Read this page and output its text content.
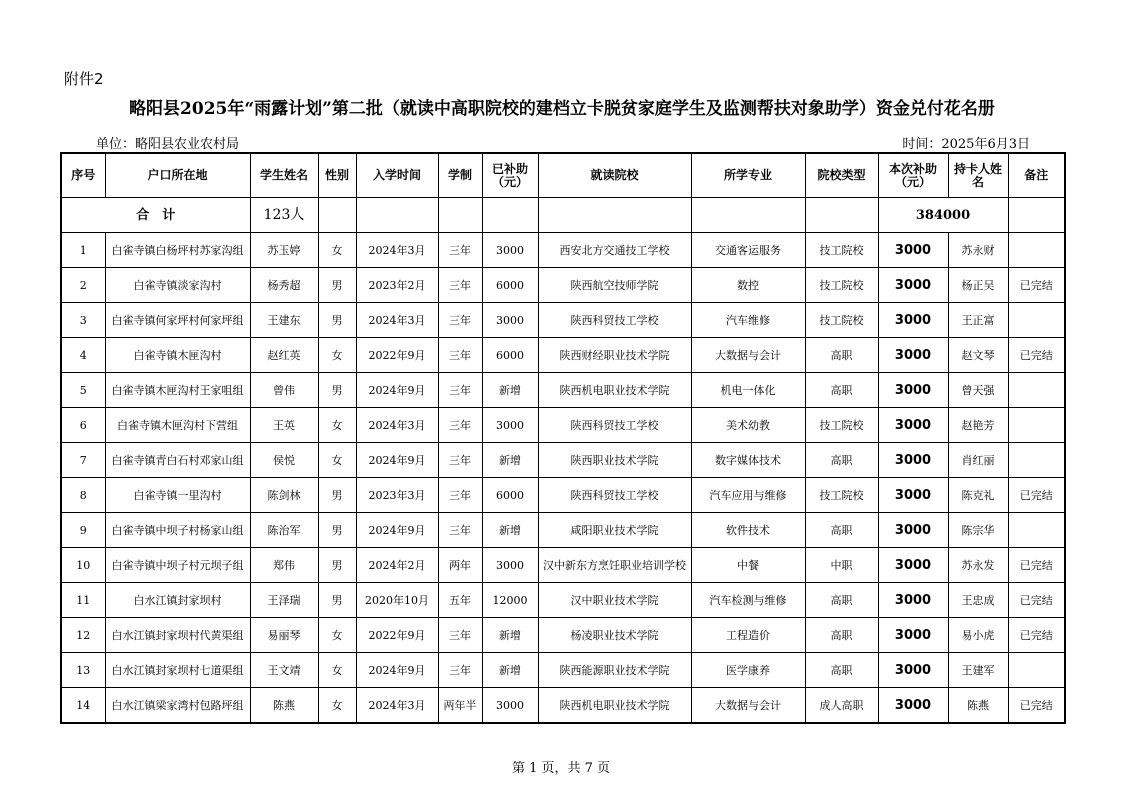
附件2
略阳县2025年“雨露计划”第二批（就读中高职院校的建档立卡脱贫家庭学生及监测帮扶对象助学）资金兑付花名册
单位：略阳县农业农村局	时间：2025年6月3日
序号	户口所在地	学生姓名	性别	入学时间	学制	已补助
（元）	就读院校	所学专业	院校类型	本次补助
（元）	持卡人姓名	备注
合　计		123人								384000		
1	白雀寺镇白杨坪村苏家沟组	苏玉婷	女	2024年3月	三年	3000	西安北方交通技工学校	交通客运服务	技工院校	3000	苏永财	
2	白雀寺镇淡家沟村	杨秀超	男	2023年2月	三年	6000	陕西航空技师学院	数控	技工院校	3000	杨正吴	已完结
3	白雀寺镇何家坪村何家坪组	王建东	男	2024年3月	三年	3000	陕西科贸技工学校	汽车维修	技工院校	3000	王正富	
4	白雀寺镇木匣沟村	赵红英	女	2022年9月	三年	6000	陕西财经职业技术学院	大数据与会计	高职	3000	赵文琴	已完结
5	白雀寺镇木匣沟村王家咀组	曾伟	男	2024年9月	三年	新增	陕西机电职业技术学院	机电一体化	高职	3000	曾天强	
6	白雀寺镇木匣沟村下营组	王英	女	2024年3月	三年	3000	陕西科贸技工学校	美术幼教	技工院校	3000	赵艳芳	
7	白雀寺镇青白石村邓家山组	侯悦	女	2024年9月	三年	新增	陕西职业技术学院	数字媒体技术	高职	3000	肖红丽	
8	白雀寺镇一里沟村	陈剑林	男	2023年3月	三年	6000	陕西科贸技工学校	汽车应用与维修	技工院校	3000	陈克礼	已完结
9	白雀寺镇中坝子村杨家山组	陈治军	男	2024年9月	三年	新增	咸阳职业技术学院	软件技术	高职	3000	陈宗华	
10	白雀寺镇中坝子村元坝子组	郑伟	男	2024年2月	两年	3000	汉中新东方烹饪职业培训学校	中餐	中职	3000	苏永发	已完结
11	白水江镇封家坝村	王泽瑞	男	2020年10月	五年	12000	汉中职业技术学院	汽车检测与维修	高职	3000	王忠成	已完结
12	白水江镇封家坝村代黄渠组	易丽琴	女	2022年9月	三年	新增	杨凌职业技术学院	工程造价	高职	3000	易小虎	已完结
13	白水江镇封家坝村七道渠组	王文靖	女	2024年9月	三年	新增	陕西能源职业技术学院	医学康养	高职	3000	王建军	
14	白水江镇梁家湾村包路坪组	陈燕	女	2024年3月	两年半	3000	陕西机电职业技术学院	大数据与会计	成人高职	3000	陈燕	已完结
第 1 页，共 7 页
